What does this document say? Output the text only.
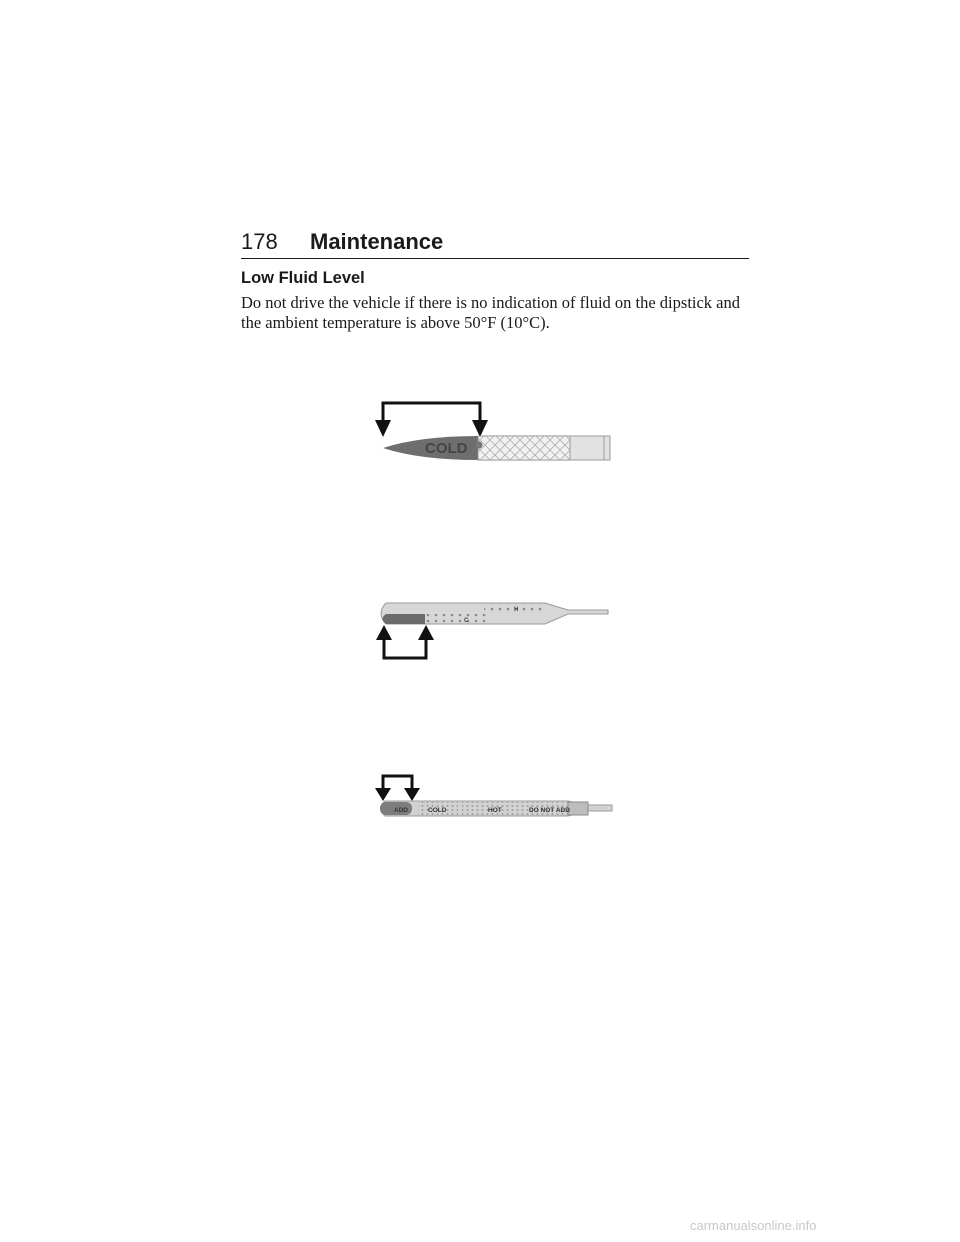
178 Maintenance
Low Fluid Level
Do not drive the vehicle if there is no indication of fluid on the dipstick and the ambient temperature is above 50°F (10°C).
COLD
C
H
ADD	COLD	HOT	DO NOT ADD
carmanualsonline.info
